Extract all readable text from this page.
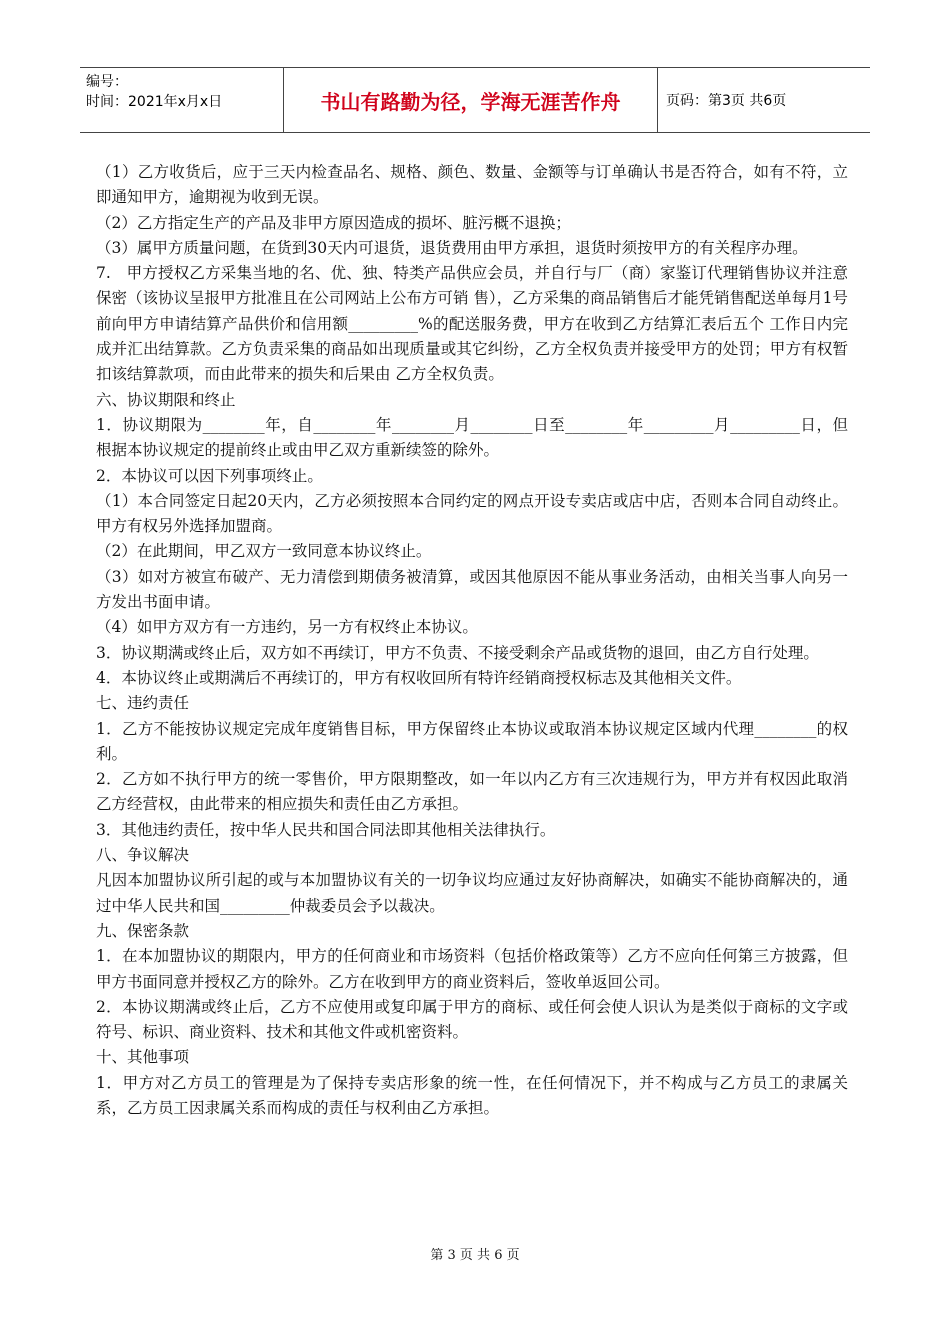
编号：
时间：2021年x月x日	书山有路勤为径，学海无涯苦作舟	页码：第3页 共6页

（1）乙方收货后，应于三天内检查品名、规格、颜色、数量、金额等与订单确认书是否符合，如有不符，立即通知甲方，逾期视为收到无误。

（2）乙方指定生产的产品及非甲方原因造成的损坏、脏污概不退换；

（3）属甲方质量问题，在货到30天内可退货，退货费用由甲方承担，退货时须按甲方的有关程序办理。

7.　甲方授权乙方采集当地的名、优、独、特类产品供应会员，并自行与厂（商）家鉴订代理销售协议并注意保密（该协议呈报甲方批准且在公司网站上公布方可销 售），乙方采集的商品销售后才能凭销售配送单每月1号前向甲方申请结算产品供价和信用额_________%的配送服务费，甲方在收到乙方结算汇表后五个 工作日内完成并汇出结算款。乙方负责采集的商品如出现质量或其它纠纷，乙方全权负责并接受甲方的处罚；甲方有权暂扣该结算款项，而由此带来的损失和后果由 乙方全权负责。

六、协议期限和终止

1．协议期限为________年，自________年________月________日至________年_________月_________日，但根据本协议规定的提前终止或由甲乙双方重新续签的除外。

2．本协议可以因下列事项终止。

（1）本合同签定日起20天内，乙方必须按照本合同约定的网点开设专卖店或店中店，否则本合同自动终止。甲方有权另外选择加盟商。

（2）在此期间，甲乙双方一致同意本协议终止。

（3）如对方被宣布破产、无力清偿到期债务被清算，或因其他原因不能从事业务活动，由相关当事人向另一方发出书面申请。

（4）如甲方双方有一方违约，另一方有权终止本协议。

3．协议期满或终止后，双方如不再续订，甲方不负责、不接受剩余产品或货物的退回，由乙方自行处理。

4．本协议终止或期满后不再续订的，甲方有权收回所有特许经销商授权标志及其他相关文件。

七、违约责任

1．乙方不能按协议规定完成年度销售目标，甲方保留终止本协议或取消本协议规定区域内代理________的权利。

2．乙方如不执行甲方的统一零售价，甲方限期整改，如一年以内乙方有三次违规行为，甲方并有权因此取消乙方经营权，由此带来的相应损失和责任由乙方承担。

3．其他违约责任，按中华人民共和国合同法即其他相关法律执行。

八、争议解决

凡因本加盟协议所引起的或与本加盟协议有关的一切争议均应通过友好协商解决，如确实不能协商解决的，通过中华人民共和国_________仲裁委员会予以裁决。

九、保密条款

1．在本加盟协议的期限内，甲方的任何商业和市场资料（包括价格政策等）乙方不应向任何第三方披露，但甲方书面同意并授权乙方的除外。乙方在收到甲方的商业资料后，签收单返回公司。

2．本协议期满或终止后，乙方不应使用或复印属于甲方的商标、或任何会使人识认为是类似于商标的文字或符号、标识、商业资料、技术和其他文件或机密资料。

十、其他事项

1．甲方对乙方员工的管理是为了保持专卖店形象的统一性，在任何情况下，并不构成与乙方员工的隶属关系，乙方员工因隶属关系而构成的责任与权利由乙方承担。

第 3 页 共 6 页
